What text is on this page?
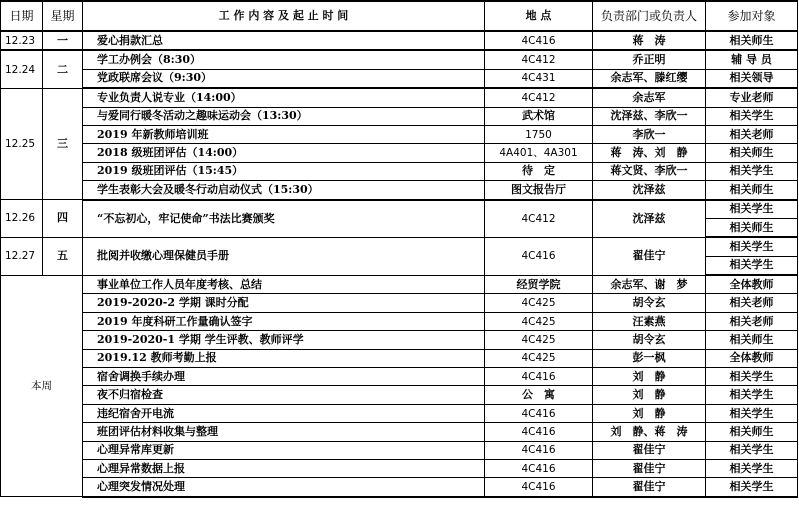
日期	星期	工 作 内 容 及 起 止 时 间	地 点	负责部门或负责人	参加对象
12.23	一	爱心捐款汇总	4C416	蒋　涛	相关师生
12.24	二	学工办例会（8:30）	4C412	乔正明	辅 导 员
		党政联席会议（9:30）	4C431	余志军、滕红缨	相关领导
12.25	三	专业负责人说专业（14:00）	4C412	余志军	专业老师
		与爱同行暖冬活动之趣味运动会（13:30）	武术馆	沈泽兹、李欣一	相关学生
		2019 年新教师培训班	1750	李欣一	相关老师
		2018 级班团评估（14:00）	4A401、4A301	蒋　涛、刘　静	相关师生
		2019 级班团评估（15:45）	待　定	蒋文贤、李欣一	相关学生
		学生表彰大会及暖冬行动启动仪式（15:30）	图文报告厅	沈泽兹	相关师生
12.26	四	“不忘初心，牢记使命”书法比赛颁奖	4C412	沈泽兹	相关学生
					相关师生
12.27	五	批阅并收缴心理保健员手册	4C416	翟佳宁	相关学生
					相关学生
本周		事业单位工作人员年度考核、总结	经贸学院	余志军、谢　梦	全体教师
		2019-2020-2 学期 课时分配	4C425	胡令玄	相关老师
		2019 年度科研工作量确认签字	4C425	汪素燕	相关老师
		2019-2020-1 学期 学生评教、教师评学	4C425	胡令玄	相关师生
		2019.12 教师考勤上报	4C425	彭一枫	全体教师
		宿舍调换手续办理	4C416	刘　静	相关学生
		夜不归宿检查	公　寓	刘　静	相关学生
		违纪宿舍开电流	4C416	刘　静	相关学生
		班团评估材料收集与整理	4C416	刘　静、蒋　涛	相关师生
		心理异常库更新	4C416	翟佳宁	相关学生
		心理异常数据上报	4C416	翟佳宁	相关学生
		心理突发情况处理	4C416	翟佳宁	相关学生
